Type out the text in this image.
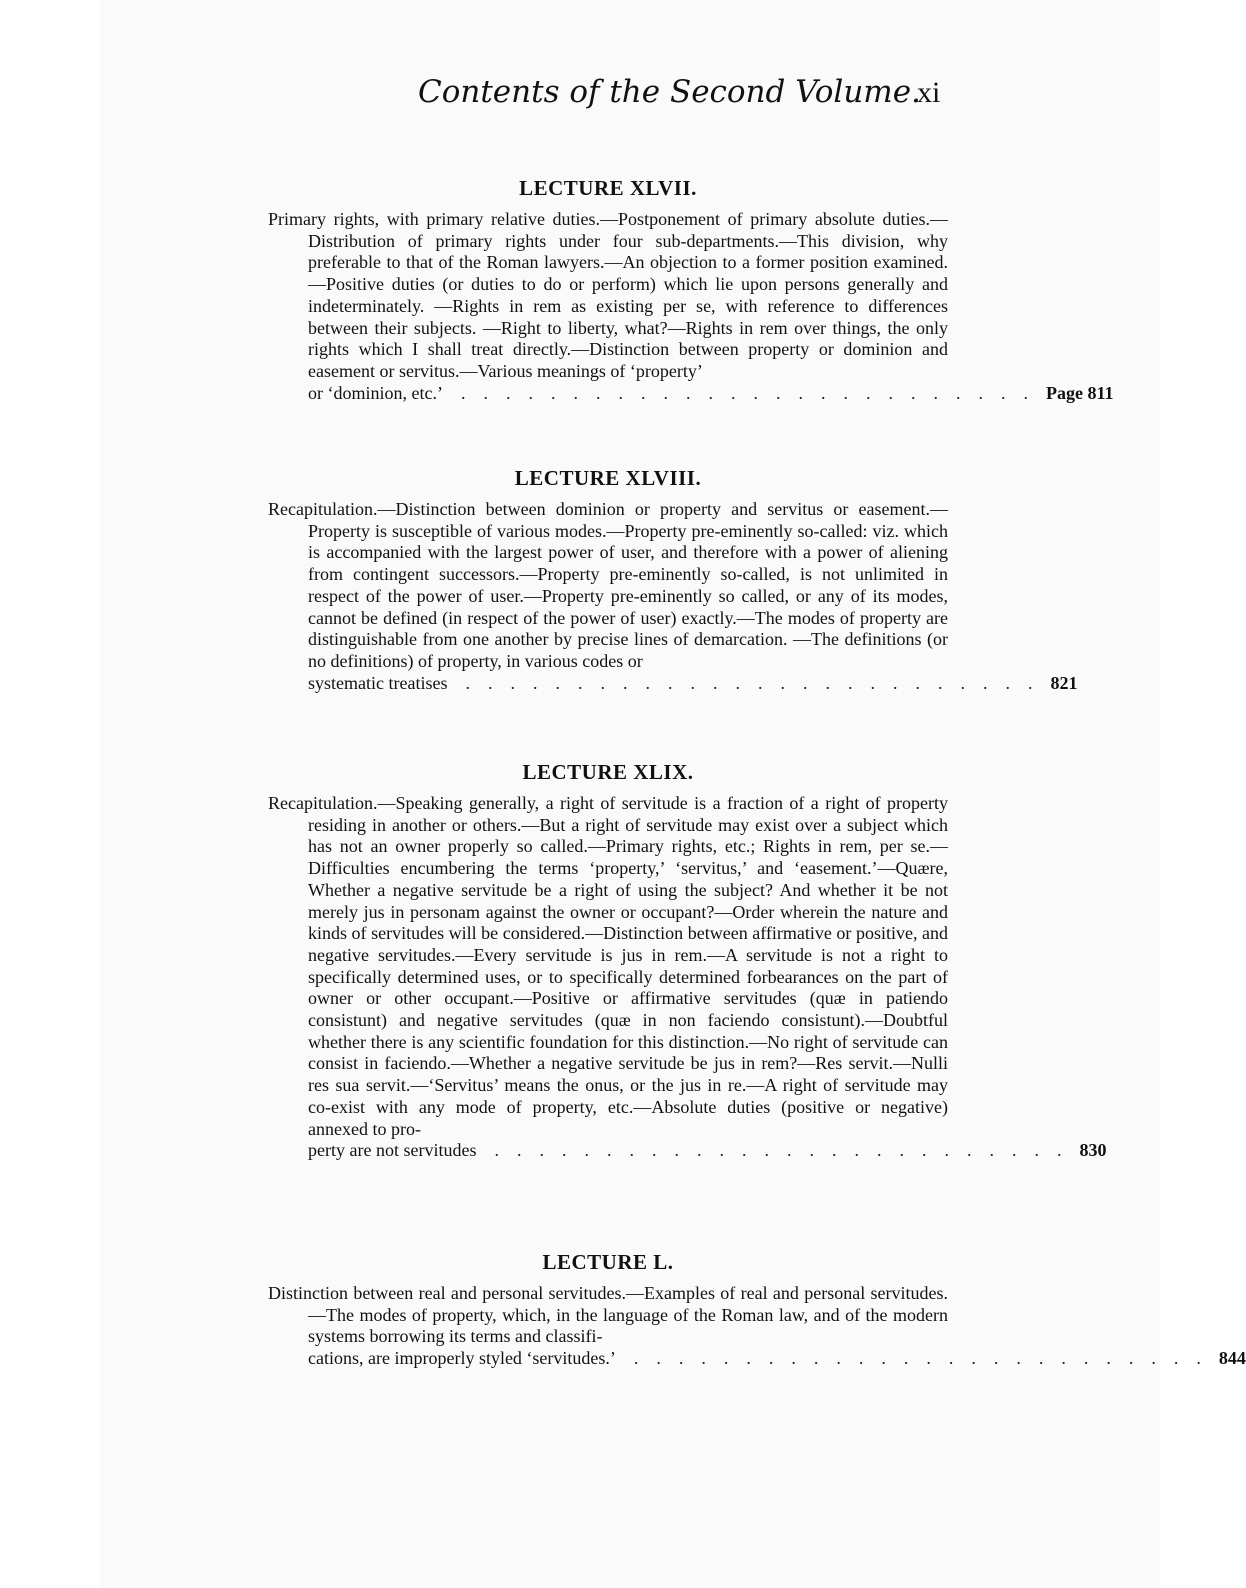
Contents of the Second Volume.
xi
LECTURE XLVII.

Primary rights, with primary relative duties.—Postponement of primary absolute duties.—Distribution of primary rights under four sub-departments.—This division, why preferable to that of the Roman lawyers.—An objection to a former position examined.—Positive duties (or duties to do or perform) which lie upon persons generally and indeterminately. —Rights in rem as existing per se, with reference to differences between their subjects. —Right to liberty, what?—Rights in rem over things, the only rights which I shall treat directly.—Distinction between property or dominion and easement or servitus.—Various meanings of ‘property’
or ‘dominion, etc.’	.......................... Page 811

LECTURE XLVIII.

Recapitulation.—Distinction between dominion or property and servitus or easement.—Property is susceptible of various modes.—Property pre-eminently so-called: viz. which is accompanied with the largest power of user, and therefore with a power of aliening from contingent successors.—Property pre-eminently so-called, is not unlimited in respect of the power of user.—Property pre-eminently so called, or any of its modes, cannot be defined (in respect of the power of user) exactly.—The modes of property are distinguishable from one another by precise lines of demarcation. —The definitions (or no definitions) of property, in various codes or
systematic treatises	.......................... 821

LECTURE XLIX.

Recapitulation.—Speaking generally, a right of servitude is a fraction of a right of property residing in another or others.—But a right of servitude may exist over a subject which has not an owner properly so called.—Primary rights, etc.; Rights in rem, per se.—Difficulties encumbering the terms ‘property,’ ‘servitus,’ and ‘easement.’—Quære, Whether a negative servitude be a right of using the subject? And whether it be not merely jus in personam against the owner or occupant?—Order wherein the nature and kinds of servitudes will be considered.—Distinction between affirmative or positive, and negative servitudes.—Every servitude is jus in rem.—A servitude is not a right to specifically determined uses, or to specifically determined forbearances on the part of owner or other occupant.—Positive or affirmative servitudes (quæ in patiendo consistunt) and negative servitudes (quæ in non faciendo consistunt).—Doubtful whether there is any scientific foundation for this distinction.—No right of servitude can consist in faciendo.—Whether a negative servitude be jus in rem?—Res servit.—Nulli res sua servit.—‘Servitus’ means the onus, or the jus in re.—A right of servitude may co-exist with any mode of property, etc.—Absolute duties (positive or negative) annexed to pro-
perty are not servitudes	.......................... 830

LECTURE L.

Distinction between real and personal servitudes.—Examples of real and personal servitudes.—The modes of property, which, in the language of the Roman law, and of the modern systems borrowing its terms and classifi-
cations, are improperly styled ‘servitudes.’	.......................... 844
